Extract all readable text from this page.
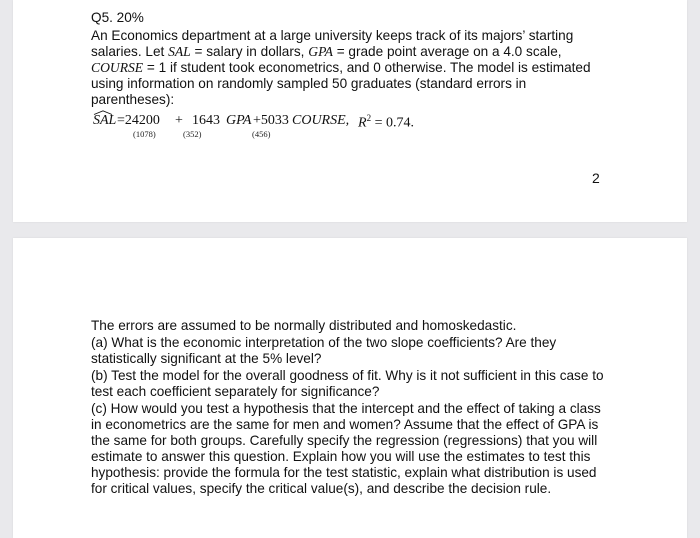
Q5. 20%
An Economics department at a large university keeps track of its majors’ starting
salaries. Let SAL = salary in dollars, GPA = grade point average on a 4.0 scale,
COURSE = 1 if student took econometrics, and 0 otherwise. The model is estimated
using information on randomly sampled 50 graduates (standard errors in
parentheses):
SAL =24200 + 1643 GPA +5033 COURSE, $R^2 = 0.74$.
(1078)	(352)	(456)
2
The errors are assumed to be normally distributed and homoskedastic.
(a) What is the economic interpretation of the two slope coefficients? Are they
statistically significant at the 5% level?
(b) Test the model for the overall goodness of fit. Why is it not sufficient in this case to
test each coefficient separately for significance?
(c) How would you test a hypothesis that the intercept and the effect of taking a class
in econometrics are the same for men and women? Assume that the effect of GPA is
the same for both groups. Carefully specify the regression (regressions) that you will
estimate to answer this question. Explain how you will use the estimates to test this
hypothesis: provide the formula for the test statistic, explain what distribution is used
for critical values, specify the critical value(s), and describe the decision rule.
